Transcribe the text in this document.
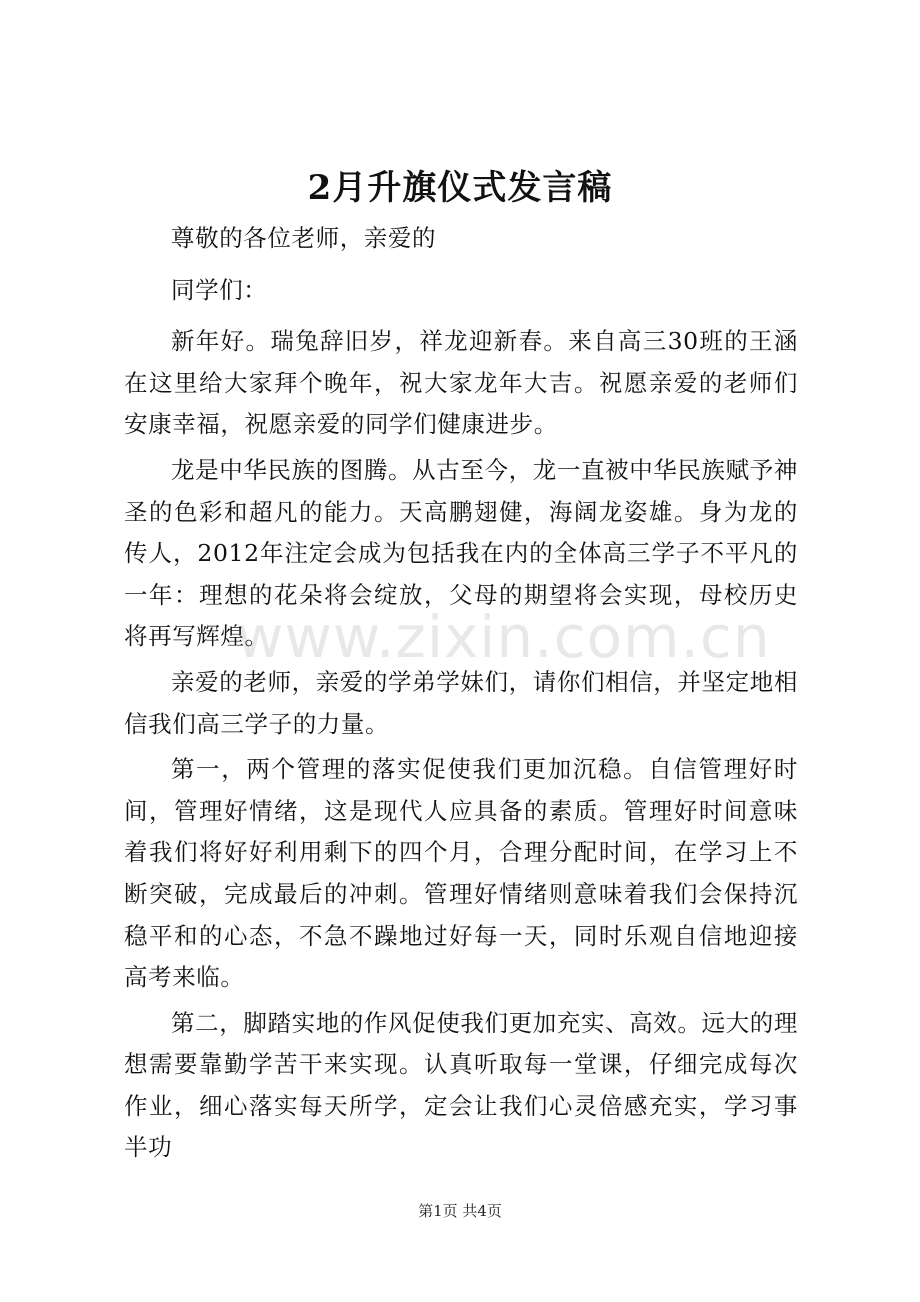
2月升旗仪式发言稿

尊敬的各位老师，亲爱的

同学们：

新年好。瑞兔辞旧岁，祥龙迎新春。来自高三30班的王涵在这里给大家拜个晚年，祝大家龙年大吉。祝愿亲爱的老师们安康幸福，祝愿亲爱的同学们健康进步。

龙是中华民族的图腾。从古至今，龙一直被中华民族赋予神圣的色彩和超凡的能力。天高鹏翅健，海阔龙姿雄。身为龙的传人，2012年注定会成为包括我在内的全体高三学子不平凡的一年：理想的花朵将会绽放，父母的期望将会实现，母校历史将再写辉煌。

亲爱的老师，亲爱的学弟学妹们，请你们相信，并坚定地相信我们高三学子的力量。

第一，两个管理的落实促使我们更加沉稳。自信管理好时间，管理好情绪，这是现代人应具备的素质。管理好时间意味着我们将好好利用剩下的四个月，合理分配时间，在学习上不断突破，完成最后的冲刺。管理好情绪则意味着我们会保持沉稳平和的心态，不急不躁地过好每一天，同时乐观自信地迎接高考来临。

第二，脚踏实地的作风促使我们更加充实、高效。远大的理想需要靠勤学苦干来实现。认真听取每一堂课，仔细完成每次作业，细心落实每天所学，定会让我们心灵倍感充实，学习事半功

www.zixin.com.cn
第1页 共4页
